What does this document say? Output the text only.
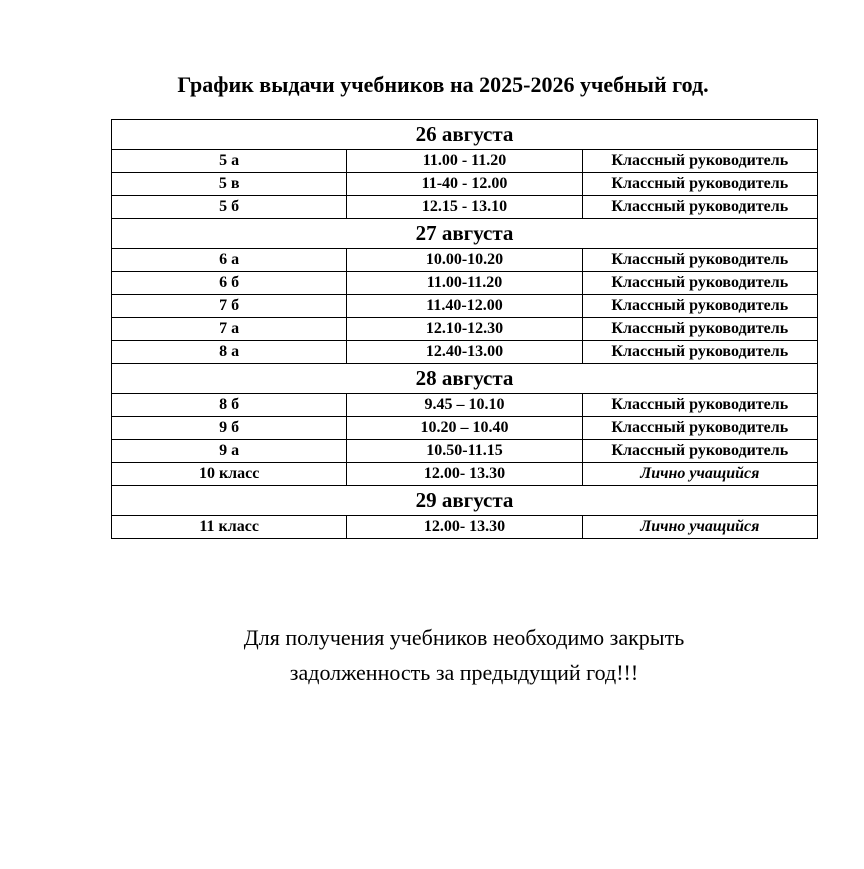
График выдачи учебников на 2025-2026 учебный год.
26 августа		
5 а	11.00 - 11.20	Классный руководитель
5 в	11-40 - 12.00	Классный руководитель
5 б	12.15 - 13.10	Классный руководитель
27 августа		
6 а	10.00-10.20	Классный руководитель
6 б	11.00-11.20	Классный руководитель
7 б	11.40-12.00	Классный руководитель
7 а	12.10-12.30	Классный руководитель
8 а	12.40-13.00	Классный руководитель
28 августа		
8 б	9.45 – 10.10	Классный руководитель
9 б	10.20 – 10.40	Классный руководитель
9 а	10.50-11.15	Классный руководитель
10 класс	12.00- 13.30	Лично учащийся
29 августа		
11 класс	12.00- 13.30	Лично учащийся
Для получения учебников необходимо закрыть
задолженность за предыдущий год!!!
